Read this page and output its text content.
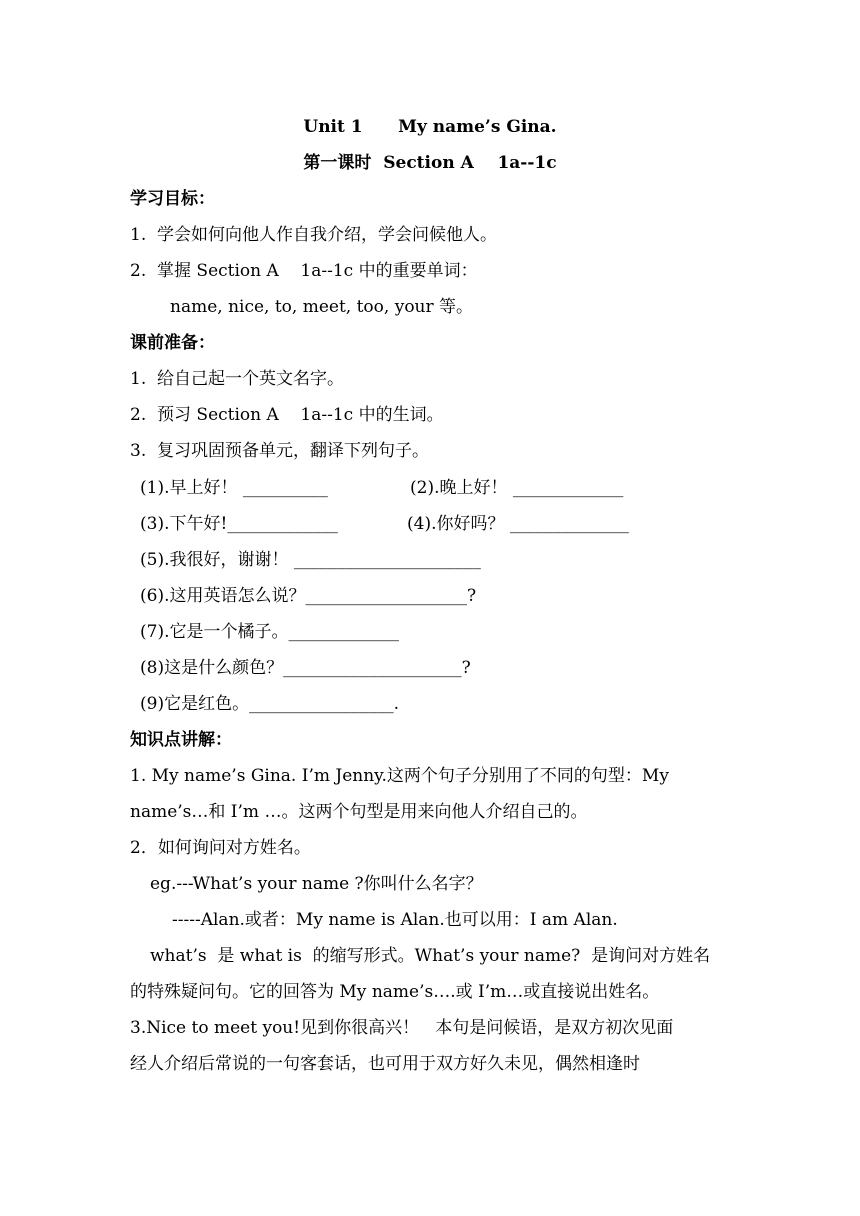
Unit 1      My name’s Gina.
第一课时  Section A    1a--1c
学习目标：
1.  学会如何向他人作自我介绍，学会问候他人。
2.  掌握 Section A    1a--1c 中的重要单词：
name, nice, to, meet, too, your 等。
课前准备：
1.  给自己起一个英文名字。
2.  预习 Section A    1a--1c 中的生词。
3.  复习巩固预备单元，翻译下列句子。
(1).早上好！ __________	(2).晚上好！ _____________
(3).下午好!_____________	(4).你好吗？ ______________
(5).我很好，谢谢！ ______________________
(6).这用英语怎么说？___________________?
(7).它是一个橘子。_____________
(8)这是什么颜色？_____________________?
(9)它是红色。_________________.
知识点讲解：
1. My name’s Gina. I’m Jenny.这两个句子分别用了不同的句型：My
name’s…和 I’m …。这两个句型是用来向他人介绍自己的。
2．如何询问对方姓名。
eg.---What’s your name ?你叫什么名字？
-----Alan.或者：My name is Alan.也可以用：I am Alan.
what’s  是 what is  的缩写形式。What’s your name?  是询问对方姓名
的特殊疑问句。它的回答为 My name’s….或 I’m…或直接说出姓名。
3.Nice to meet you!见到你很高兴！   本句是问候语，是双方初次见面
经人介绍后常说的一句客套话，也可用于双方好久未见，偶然相逢时
